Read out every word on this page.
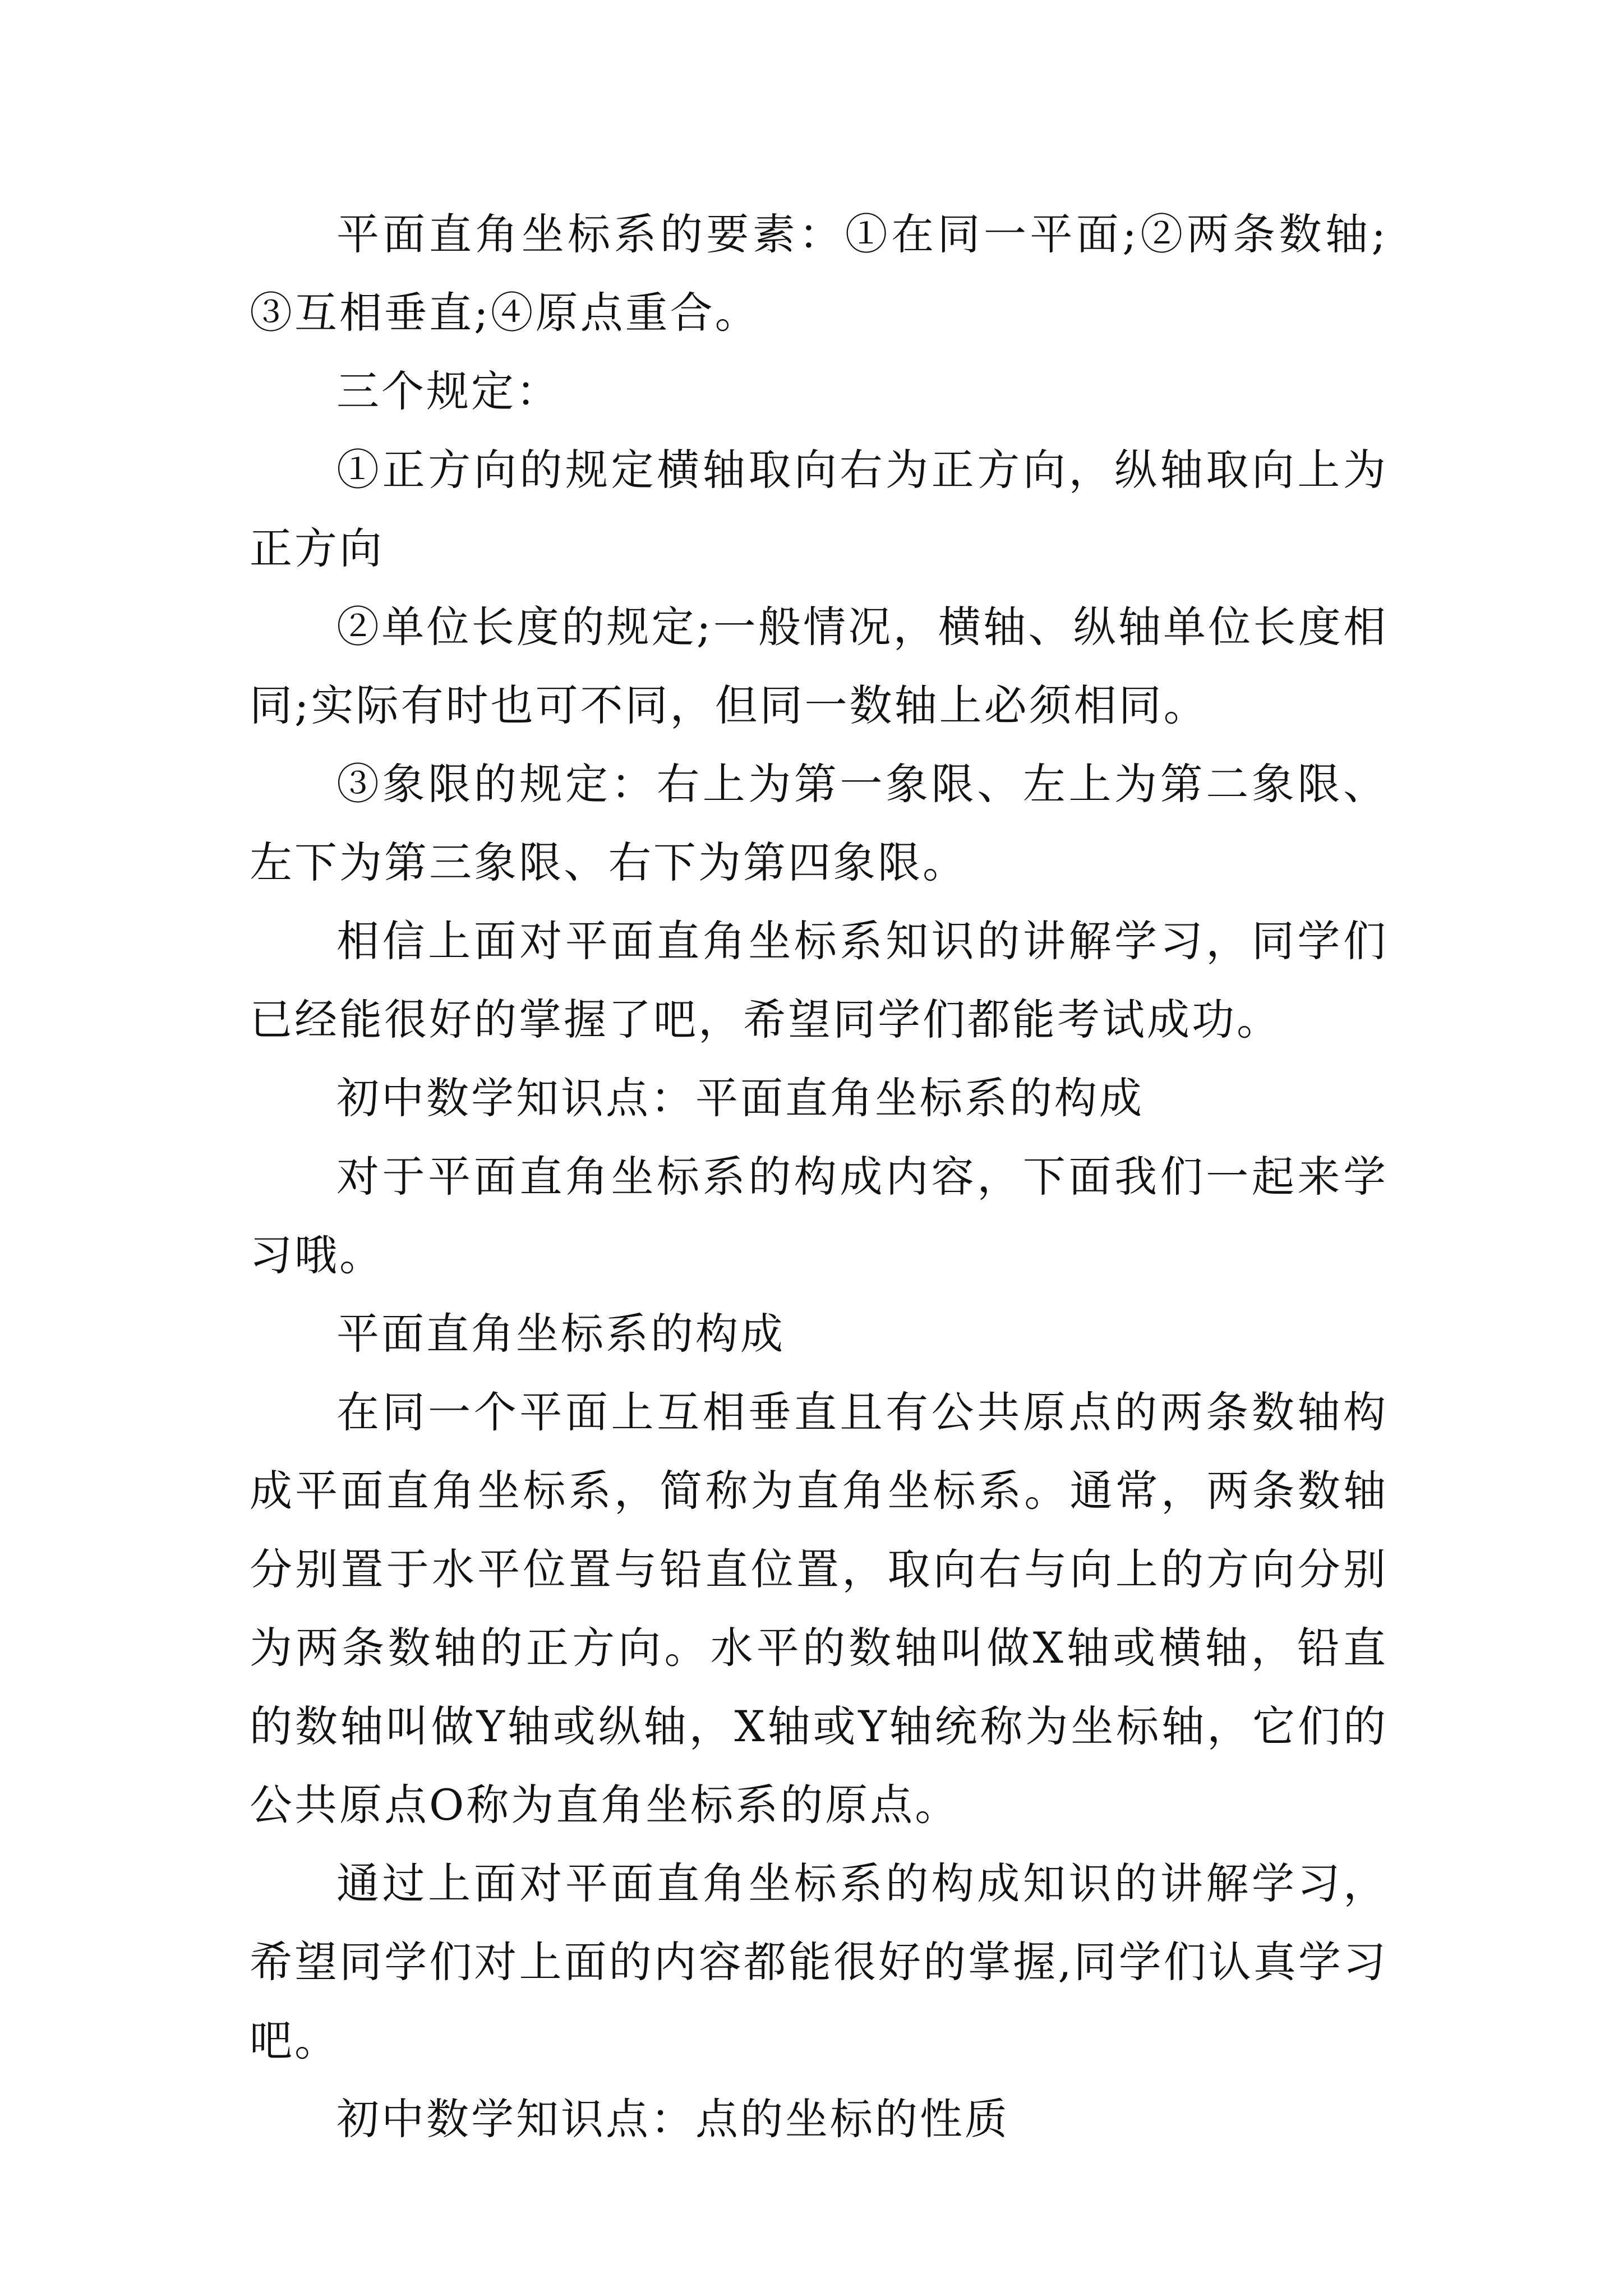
平面直角坐标系的要素：①在同一平面;②两条数轴;③互相垂直;④原点重合。

三个规定：

①正方向的规定横轴取向右为正方向，纵轴取向上为正方向

②单位长度的规定;一般情况，横轴、纵轴单位长度相同;实际有时也可不同，但同一数轴上必须相同。

③象限的规定：右上为第一象限、左上为第二象限、左下为第三象限、右下为第四象限。

相信上面对平面直角坐标系知识的讲解学习，同学们已经能很好的掌握了吧，希望同学们都能考试成功。

初中数学知识点：平面直角坐标系的构成

对于平面直角坐标系的构成内容，下面我们一起来学习哦。

平面直角坐标系的构成

在同一个平面上互相垂直且有公共原点的两条数轴构成平面直角坐标系，简称为直角坐标系。通常，两条数轴分别置于水平位置与铅直位置，取向右与向上的方向分别为两条数轴的正方向。水平的数轴叫做X轴或横轴，铅直的数轴叫做Y轴或纵轴，X轴或Y轴统称为坐标轴，它们的公共原点O称为直角坐标系的原点。

通过上面对平面直角坐标系的构成知识的讲解学习，希望同学们对上面的内容都能很好的掌握,同学们认真学习吧。

初中数学知识点：点的坐标的性质
